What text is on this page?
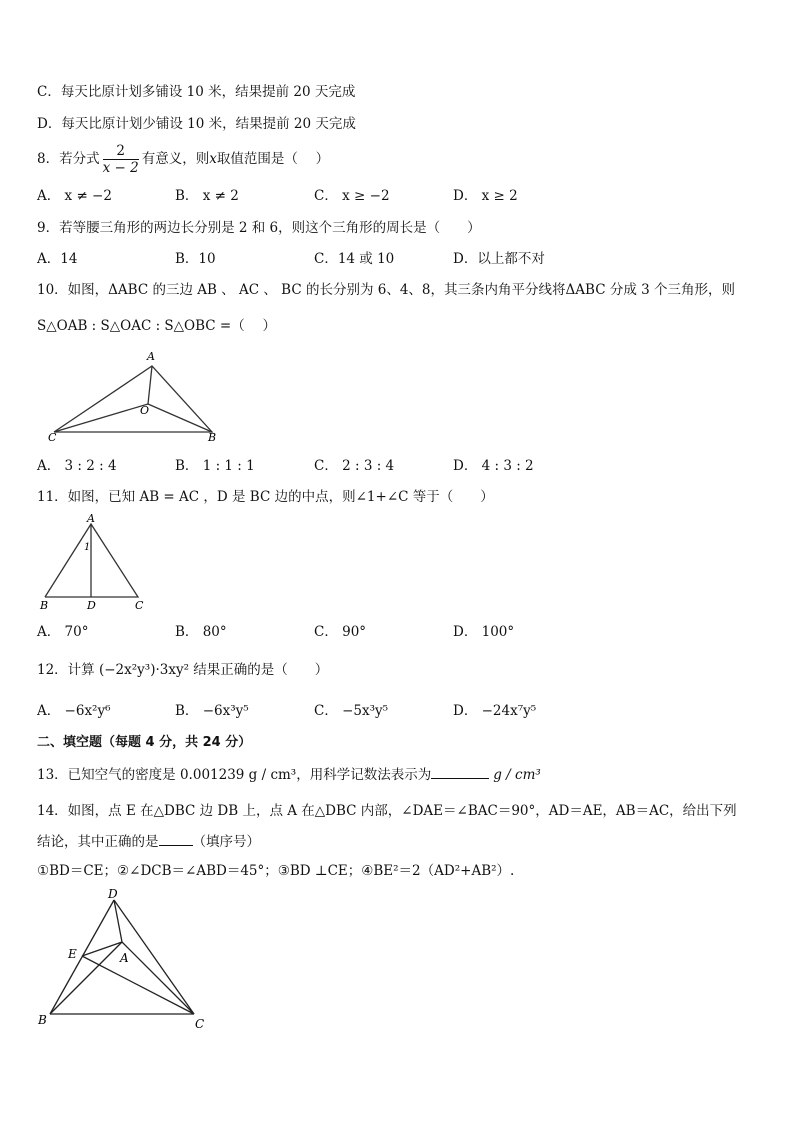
C．每天比原计划多铺设 10 米，结果提前 20 天完成
D．每天比原计划少铺设 10 米，结果提前 20 天完成
8．若分式 $\frac{2}{x - 2}$ 有意义，则x取值范围是（　 ）
A． x ≠ −2	B． x ≠ 2	C． x ≥ −2	D． x ≥ 2
9．若等腰三角形的两边长分别是 2 和 6，则这个三角形的周长是（　　）
A．14	B．10	C．14 或 10	D．以上都不对
10．如图，ΔABC 的三边 AB 、 AC 、 BC 的长分别为 6、4、8，其三条内角平分线将ΔABC 分成 3 个三角形，则
S△OAB : S△OAC : S△OBC =（　 ）
A
O
B
C
A． 3 : 2 : 4	B． 1 : 1 : 1	C． 2 : 3 : 4	D． 4 : 3 : 2
11．如图，已知 AB = AC ，D 是 BC 边的中点，则∠1+∠C 等于（　　）
A
1
B	D	C
A． 70°	B． 80°	C． 90°	D． 100°
12．计算 (−2x²y³)·3xy² 结果正确的是（　　）
A． −6x²y⁶	B． −6x³y⁵	C． −5x³y⁵	D． −24x⁷y⁵
二、填空题（每题 4 分，共 24 分）
13．已知空气的密度是 0.001239 g / cm³，用科学记数法表示为	g / cm³
14．如图，点 E 在△DBC 边 DB 上，点 A 在△DBC 内部，∠DAE＝∠BAC＝90°，AD＝AE，AB＝AC，给出下列
结论，其中正确的是	（填序号）
①BD＝CE；②∠DCB＝∠ABD＝45°；③BD ⊥CE；④BE²＝2（AD²+AB²）.
D
E	A
B	C
